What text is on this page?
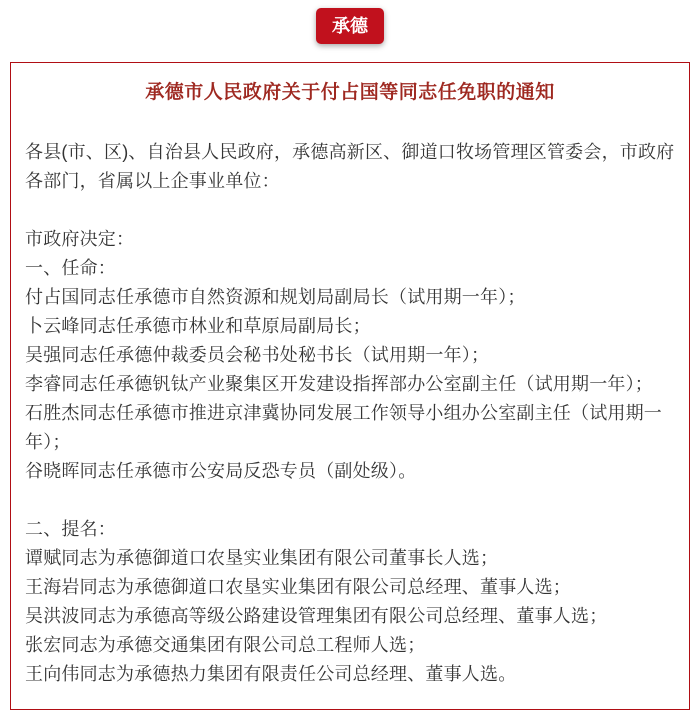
承德
承德市人民政府关于付占国等同志任免职的通知

各县(市、区)、自治县人民政府，承德高新区、御道口牧场管理区管委会，市政府各部门，省属以上企事业单位：

市政府决定：

一、任命：

付占国同志任承德市自然资源和规划局副局长（试用期一年）；

卜云峰同志任承德市林业和草原局副局长；

吴强同志任承德仲裁委员会秘书处秘书长（试用期一年）；

李睿同志任承德钒钛产业聚集区开发建设指挥部办公室副主任（试用期一年）；

石胜杰同志任承德市推进京津冀协同发展工作领导小组办公室副主任（试用期一年）；

谷晓晖同志任承德市公安局反恐专员（副处级）。

二、提名：

谭赋同志为承德御道口农垦实业集团有限公司董事长人选；

王海岩同志为承德御道口农垦实业集团有限公司总经理、董事人选；

吴洪波同志为承德高等级公路建设管理集团有限公司总经理、董事人选；

张宏同志为承德交通集团有限公司总工程师人选；

王向伟同志为承德热力集团有限责任公司总经理、董事人选。
